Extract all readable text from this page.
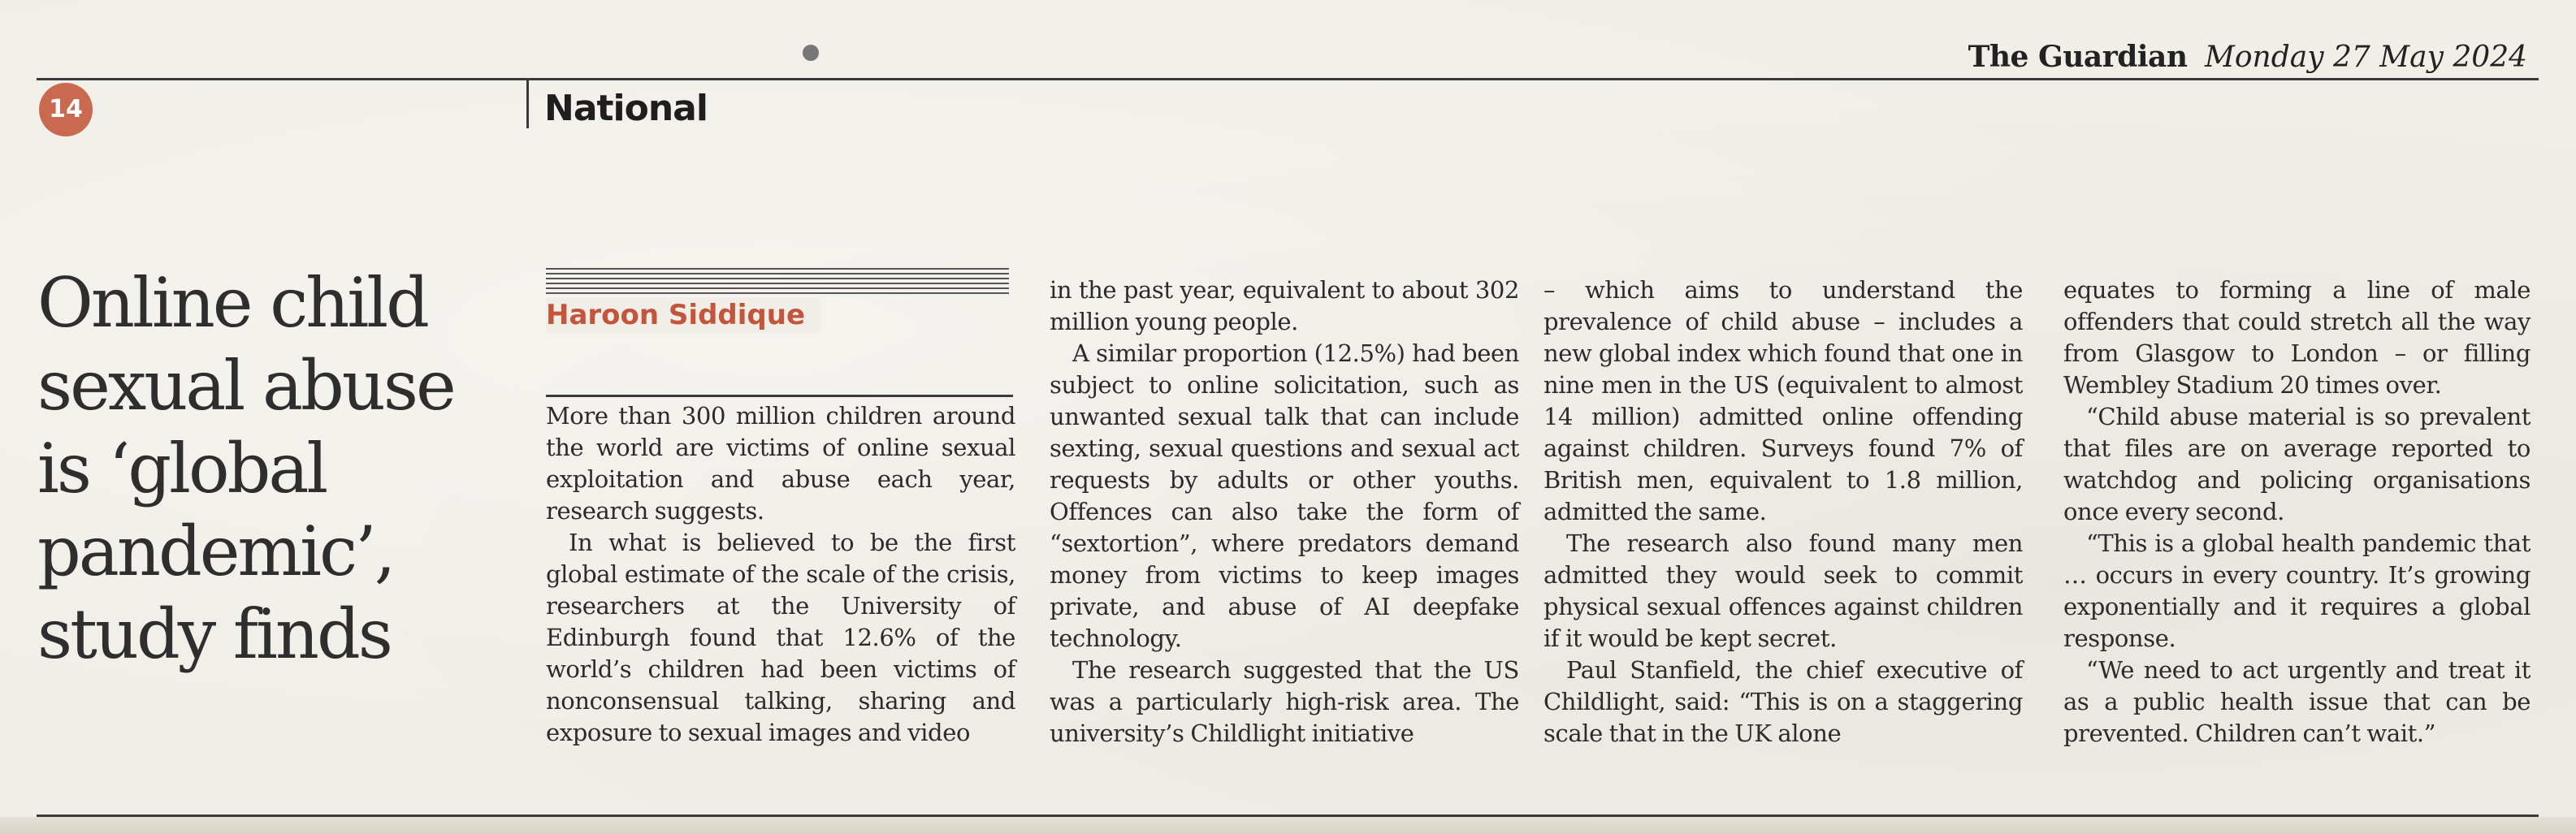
The Guardian Monday 27 May 2024
14	National
Online child
sexual abuse
is ‘global
pandemic’,
study finds
Haroon Siddique

More than 300 million children around the world are victims of online sexual exploitation and abuse each year, research suggests.

In what is believed to be the first global estimate of the scale of the crisis, researchers at the University of Edinburgh found that 12.6% of the world’s children had been victims of nonconsensual talking, sharing and exposure to sexual images and video

in the past year, equivalent to about 302 million young people.

A similar proportion (12.5%) had been subject to online solicitation, such as unwanted sexual talk that can include sexting, sexual questions and sexual act requests by adults or other youths. Offences can also take the form of “sextortion”, where predators demand money from victims to keep images private, and abuse of AI deepfake technology.

The research suggested that the US was a particularly high-risk area. The university’s Childlight initiative

– which aims to understand the prevalence of child abuse – includes a new global index which found that one in nine men in the US (equivalent to almost 14 million) admitted online offending against children. Surveys found 7% of British men, equivalent to 1.8 million, admitted the same.

The research also found many men admitted they would seek to commit physical sexual offences against children if it would be kept secret.

Paul Stanfield, the chief executive of Childlight, said: “This is on a staggering scale that in the UK alone

equates to forming a line of male offenders that could stretch all the way from Glasgow to London – or filling Wembley Stadium 20 times over.

“Child abuse material is so prevalent that files are on average reported to watchdog and policing organisations once every second.

“This is a global health pandemic that … occurs in every country. It’s growing exponentially and it requires a global response.

“We need to act urgently and treat it as a public health issue that can be prevented. Children can’t wait.”
